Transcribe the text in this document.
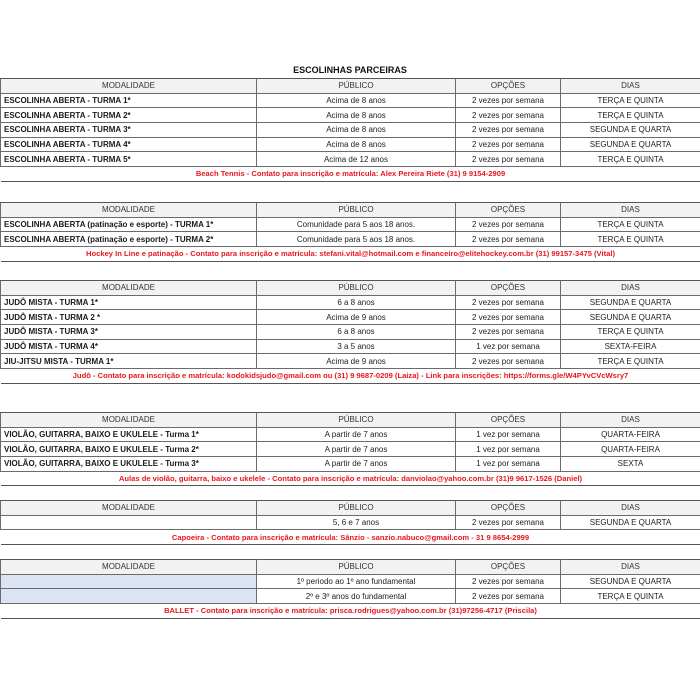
ESCOLINHAS PARCEIRAS
MODALIDADE	PÚBLICO	OPÇÕES	DIAS
ESCOLINHA ABERTA - TURMA 1*	Acima de 8 anos	2 vezes por semana	TERÇA E QUINTA
ESCOLINHA ABERTA - TURMA 2*	Acima de 8 anos	2 vezes por semana	TERÇA E QUINTA
ESCOLINHA ABERTA - TURMA 3*	Acima de 8 anos	2 vezes por semana	SEGUNDA E QUARTA
ESCOLINHA ABERTA - TURMA 4*	Acima de 8 anos	2 vezes por semana	SEGUNDA E QUARTA
ESCOLINHA ABERTA - TURMA 5*	Acima de 12 anos	2 vezes por semana	TERÇA E QUINTA

Beach Tennis - Contato para inscrição e matrícula: Alex Pereira Riete (31) 9 9154-2909			
MODALIDADE	PÚBLICO	OPÇÕES	DIAS
ESCOLINHA ABERTA (patinação e esporte) - TURMA 1*	Comunidade para 5 aos 18 anos.	2 vezes por semana	TERÇA E QUINTA
ESCOLINHA ABERTA (patinação e esporte) - TURMA 2*	Comunidade para 5 aos 18 anos.	2 vezes por semana	TERÇA E QUINTA

Hockey In Line e patinação - Contato para inscrição e matrícula: stefani.vital@hotmail.com e financeiro@elitehockey.com.br (31) 99157-3475 (Vital)			
MODALIDADE	PÚBLICO	OPÇÕES	DIAS
JUDÔ MISTA - TURMA 1*	6 a 8 anos	2 vezes por semana	SEGUNDA E QUARTA
JUDÔ MISTA - TURMA 2 *	Acima de 9 anos	2 vezes por semana	SEGUNDA E QUARTA
JUDÔ MISTA - TURMA 3*	6 a 8 anos	2 vezes por semana	TERÇA E QUINTA
JUDÔ MISTA - TURMA 4*	3 a 5 anos	1 vez por semana	SEXTA-FEIRA
JIU-JITSU MISTA - TURMA 1*	Acima de 9 anos	2 vezes por semana	TERÇA E QUINTA

Judô - Contato para inscrição e matrícula: kodokidsjudo@gmail.com ou (31) 9 9687-0209 (Laiza) - Link para inscrições: https://forms.gle/W4PYvCVcWsry7			
MODALIDADE	PÚBLICO	OPÇÕES	DIAS
VIOLÃO, GUITARRA, BAIXO E UKULELE - Turma 1*	A partir de 7 anos	1 vez por semana	QUARTA-FEIRA
VIOLÃO, GUITARRA, BAIXO E UKULELE - Turma 2*	A partir de 7 anos	1 vez por semana	QUARTA-FEIRA
VIOLÃO, GUITARRA, BAIXO E UKULELE - Turma 3*	A partir de 7 anos	1 vez por semana	SEXTA

Aulas de violão, guitarra, baixo e ukelele - Contato para inscrição e matrícula: danviolao@yahoo.com.br (31)9 9617-1526 (Daniel)			
MODALIDADE	PÚBLICO	OPÇÕES	DIAS
	5, 6 e 7 anos	2 vezes por semana	SEGUNDA E QUARTA

Capoeira - Contato para inscrição e matrícula: Sânzio - sanzio.nabuco@gmail.com - 31 9 8654-2999			
MODALIDADE	PÚBLICO	OPÇÕES	DIAS
	1º periodo ao 1º ano fundamental	2 vezes por semana	SEGUNDA E QUARTA
	2º e 3º anos do fundamental	2 vezes por semana	TERÇA E QUINTA

BALLET - Contato para inscrição e matrícula: prisca.rodrigues@yahoo.com.br (31)97256-4717 (Priscila)			
